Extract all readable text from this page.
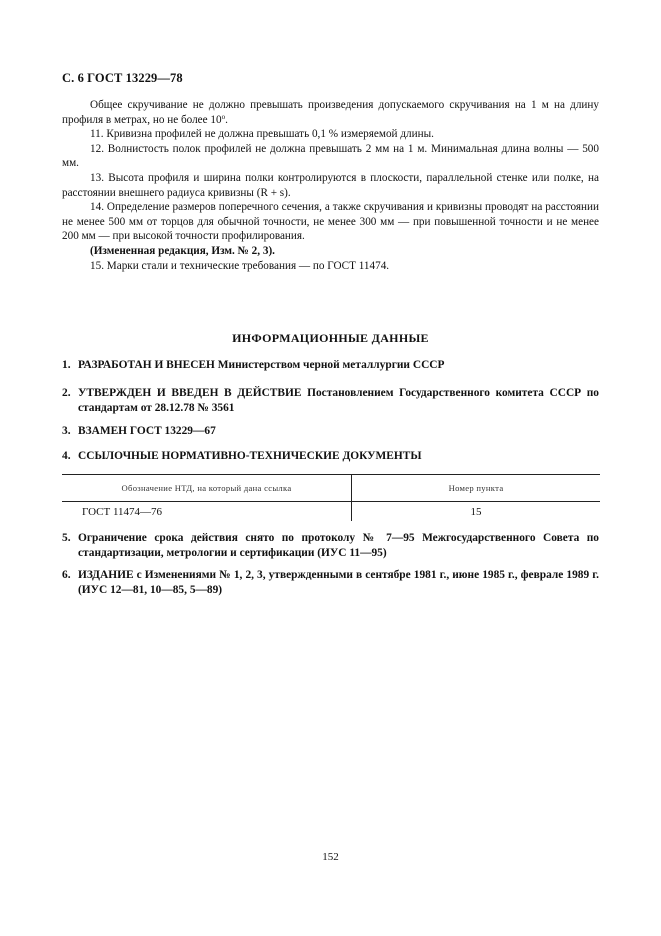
С. 6 ГОСТ 13229—78

Общее скручивание не должно превышать произведения допускаемого скручивания на 1 м на длину профиля в метрах, но не более $10^о$.

11. Кривизна профилей не должна превышать 0,1 % измеряемой длины.

12. Волнистость полок профилей не должна превышать 2 мм на 1 м. Минимальная длина волны — 500 мм.

13. Высота профиля и ширина полки контролируются в плоскости, параллельной стенке или полке, на расстоянии внешнего радиуса кривизны (R + s).

14. Определение размеров поперечного сечения, а также скручивания и кривизны проводят на расстоянии не менее 500 мм от торцов для обычной точности, не менее 300 мм — при повышенной точности и не менее 200 мм — при высокой точности профилирования.

(Измененная редакция, Изм. № 2, 3).

15. Марки стали и технические требования — по ГОСТ 11474.

ИНФОРМАЦИОННЫЕ ДАННЫЕ
1. РАЗРАБОТАН И ВНЕСЕН Министерством черной металлургии СССР
2. УТВЕРЖДЕН И ВВЕДЕН В ДЕЙСТВИЕ Постановлением Государственного комитета СССР по стандартам от 28.12.78 № 3561
3. ВЗАМЕН ГОСТ 13229—67
4. ССЫЛОЧНЫЕ НОРМАТИВНО-ТЕХНИЧЕСКИЕ ДОКУМЕНТЫ
Обозначение НТД, на который дана ссылка	Номер пункта
ГОСТ 11474—76	15
5. Ограничение срока действия снято по протоколу № 7—95 Межгосударственного Совета по стандартизации, метрологии и сертификации (ИУС 11—95)
6. ИЗДАНИЕ с Изменениями № 1, 2, 3, утвержденными в сентябре 1981 г., июне 1985 г., феврале 1989 г. (ИУС 12—81, 10—85, 5—89)
152
